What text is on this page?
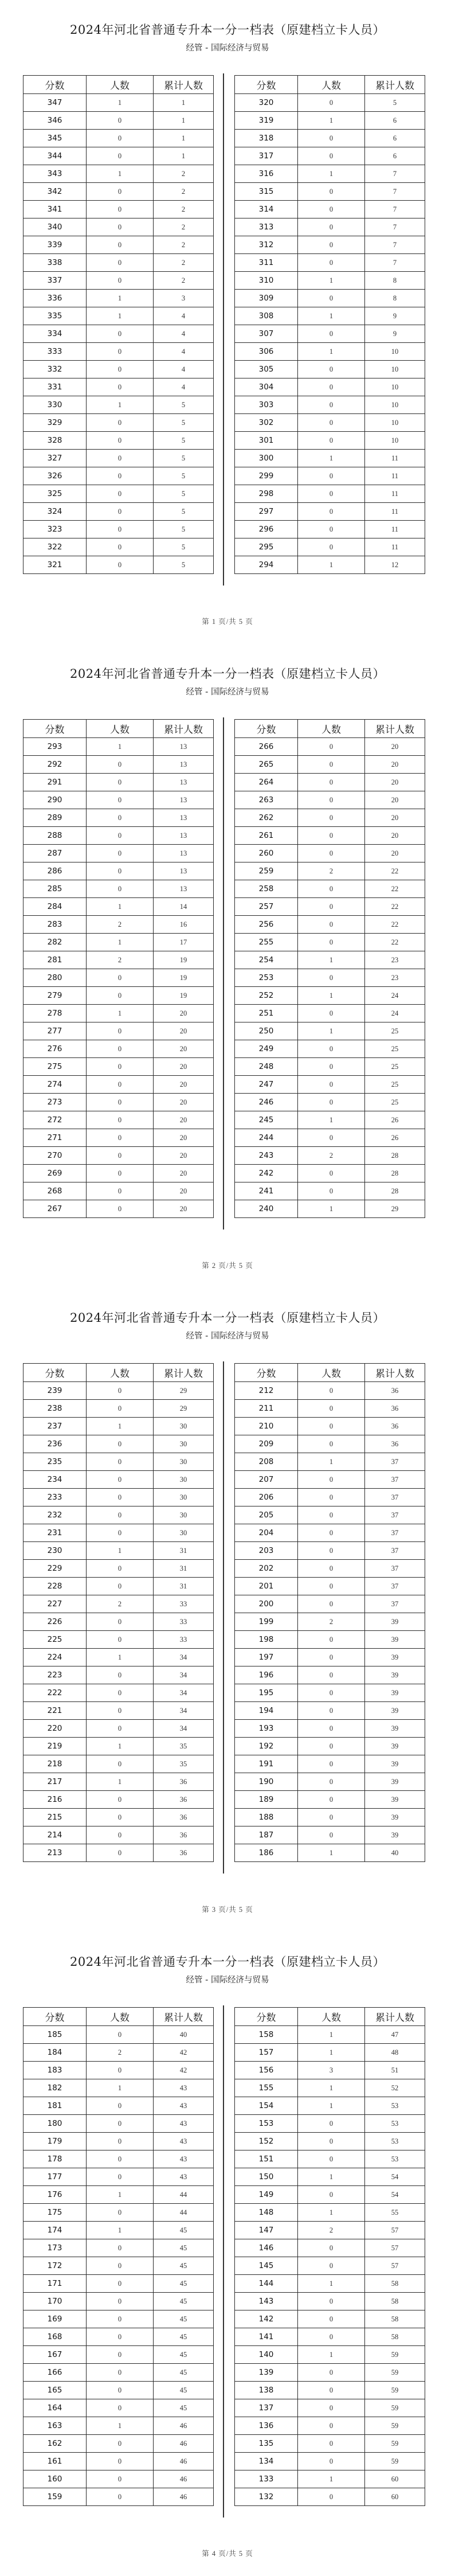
2024年河北省普通专升本一分一档表（原建档立卡人员）
经管 - 国际经济与贸易
分数	人数	累计人数
347	1	1
346	0	1
345	0	1
344	0	1
343	1	2
342	0	2
341	0	2
340	0	2
339	0	2
338	0	2
337	0	2
336	1	3
335	1	4
334	0	4
333	0	4
332	0	4
331	0	4
330	1	5
329	0	5
328	0	5
327	0	5
326	0	5
325	0	5
324	0	5
323	0	5
322	0	5
321	0	5
分数	人数	累计人数
320	0	5
319	1	6
318	0	6
317	0	6
316	1	7
315	0	7
314	0	7
313	0	7
312	0	7
311	0	7
310	1	8
309	0	8
308	1	9
307	0	9
306	1	10
305	0	10
304	0	10
303	0	10
302	0	10
301	0	10
300	1	11
299	0	11
298	0	11
297	0	11
296	0	11
295	0	11
294	1	12
第 1 页/共 5 页
2024年河北省普通专升本一分一档表（原建档立卡人员）
经管 - 国际经济与贸易
分数	人数	累计人数
293	1	13
292	0	13
291	0	13
290	0	13
289	0	13
288	0	13
287	0	13
286	0	13
285	0	13
284	1	14
283	2	16
282	1	17
281	2	19
280	0	19
279	0	19
278	1	20
277	0	20
276	0	20
275	0	20
274	0	20
273	0	20
272	0	20
271	0	20
270	0	20
269	0	20
268	0	20
267	0	20
分数	人数	累计人数
266	0	20
265	0	20
264	0	20
263	0	20
262	0	20
261	0	20
260	0	20
259	2	22
258	0	22
257	0	22
256	0	22
255	0	22
254	1	23
253	0	23
252	1	24
251	0	24
250	1	25
249	0	25
248	0	25
247	0	25
246	0	25
245	1	26
244	0	26
243	2	28
242	0	28
241	0	28
240	1	29
第 2 页/共 5 页
2024年河北省普通专升本一分一档表（原建档立卡人员）
经管 - 国际经济与贸易
分数	人数	累计人数
239	0	29
238	0	29
237	1	30
236	0	30
235	0	30
234	0	30
233	0	30
232	0	30
231	0	30
230	1	31
229	0	31
228	0	31
227	2	33
226	0	33
225	0	33
224	1	34
223	0	34
222	0	34
221	0	34
220	0	34
219	1	35
218	0	35
217	1	36
216	0	36
215	0	36
214	0	36
213	0	36
分数	人数	累计人数
212	0	36
211	0	36
210	0	36
209	0	36
208	1	37
207	0	37
206	0	37
205	0	37
204	0	37
203	0	37
202	0	37
201	0	37
200	0	37
199	2	39
198	0	39
197	0	39
196	0	39
195	0	39
194	0	39
193	0	39
192	0	39
191	0	39
190	0	39
189	0	39
188	0	39
187	0	39
186	1	40
第 3 页/共 5 页
2024年河北省普通专升本一分一档表（原建档立卡人员）
经管 - 国际经济与贸易
分数	人数	累计人数
185	0	40
184	2	42
183	0	42
182	1	43
181	0	43
180	0	43
179	0	43
178	0	43
177	0	43
176	1	44
175	0	44
174	1	45
173	0	45
172	0	45
171	0	45
170	0	45
169	0	45
168	0	45
167	0	45
166	0	45
165	0	45
164	0	45
163	1	46
162	0	46
161	0	46
160	0	46
159	0	46
分数	人数	累计人数
158	1	47
157	1	48
156	3	51
155	1	52
154	1	53
153	0	53
152	0	53
151	0	53
150	1	54
149	0	54
148	1	55
147	2	57
146	0	57
145	0	57
144	1	58
143	0	58
142	0	58
141	0	58
140	1	59
139	0	59
138	0	59
137	0	59
136	0	59
135	0	59
134	0	59
133	1	60
132	0	60
第 4 页/共 5 页
